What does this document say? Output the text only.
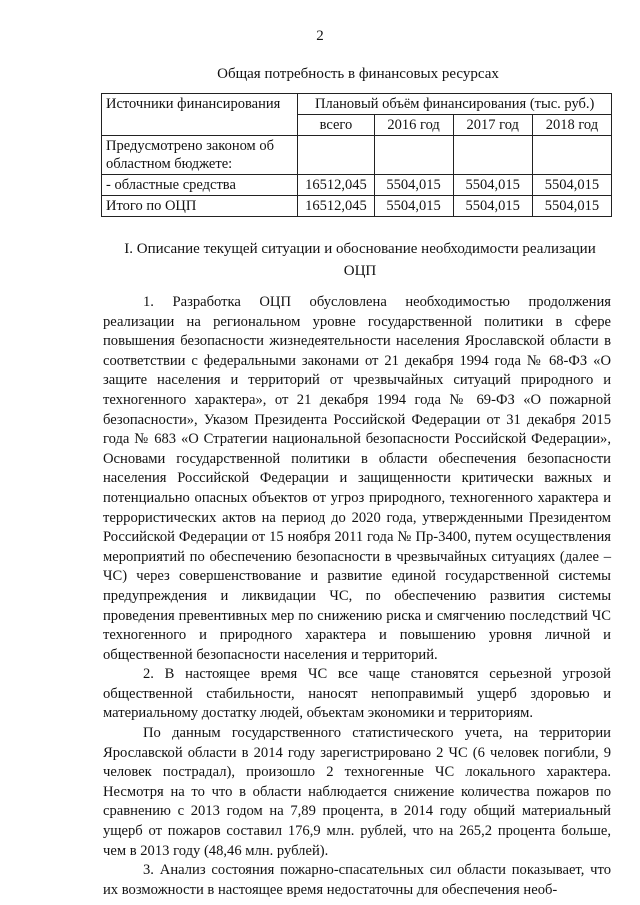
2
Общая потребность в финансовых ресурсах
Источники финансирования	Плановый объём финансирования (тыс. руб.)			
	всего	2016 год	2017 год	2018 год
Предусмотрено законом об областном бюджете:				
- областные средства	16512,045	5504,015	5504,015	5504,015
Итого по ОЦП	16512,045	5504,015	5504,015	5504,015
I. Описание текущей ситуации и обоснование необходимости реализации ОЦП

1. Разработка ОЦП обусловлена необходимостью продолжения реализации на региональном уровне государственной политики в сфере повышения безопасности жизнедеятельности населения Ярославской области в соответствии с федеральными законами от 21 декабря 1994 года № 68-ФЗ «О защите населения и территорий от чрезвычайных ситуаций природного и техногенного характера», от 21 декабря 1994 года № 69-ФЗ «О пожарной безопасности», Указом Президента Российской Федерации от 31 декабря 2015 года № 683 «О Стратегии национальной безопасности Российской Федерации», Основами государственной политики в области обеспечения безопасности населения Российской Федерации и защищенности критически важных и потенциально опасных объектов от угроз природного, техногенного характера и террористических актов на период до 2020 года, утвержденными Президентом Российской Федерации от 15 ноября 2011 года № Пр-3400, путем осуществления мероприятий по обеспечению безопасности в чрезвычайных ситуациях (далее – ЧС) через совершенствование и развитие единой государственной системы предупреждения и ликвидации ЧС, по обеспечению развития системы проведения превентивных мер по снижению риска и смягчению последствий ЧС техногенного и природного характера и повышению уровня личной и общественной безопасности населения и территорий.

2. В настоящее время ЧС все чаще становятся серьезной угрозой общественной стабильности, наносят непоправимый ущерб здоровью и материальному достатку людей, объектам экономики и территориям.

По данным государственного статистического учета, на территории Ярославской области в 2014 году зарегистрировано 2 ЧС (6 человек погибли, 9 человек пострадал), произошло 2 техногенные ЧС локального характера. Несмотря на то что в области наблюдается снижение количества пожаров по сравнению с 2013 годом на 7,89 процента, в 2014 году общий материальный ущерб от пожаров составил 176,9 млн. рублей, что на 265,2 процента больше, чем в 2013 году (48,46 млн. рублей).

3. Анализ состояния пожарно-спасательных сил области показывает, что их возможности в настоящее время недостаточны для обеспечения необ-
